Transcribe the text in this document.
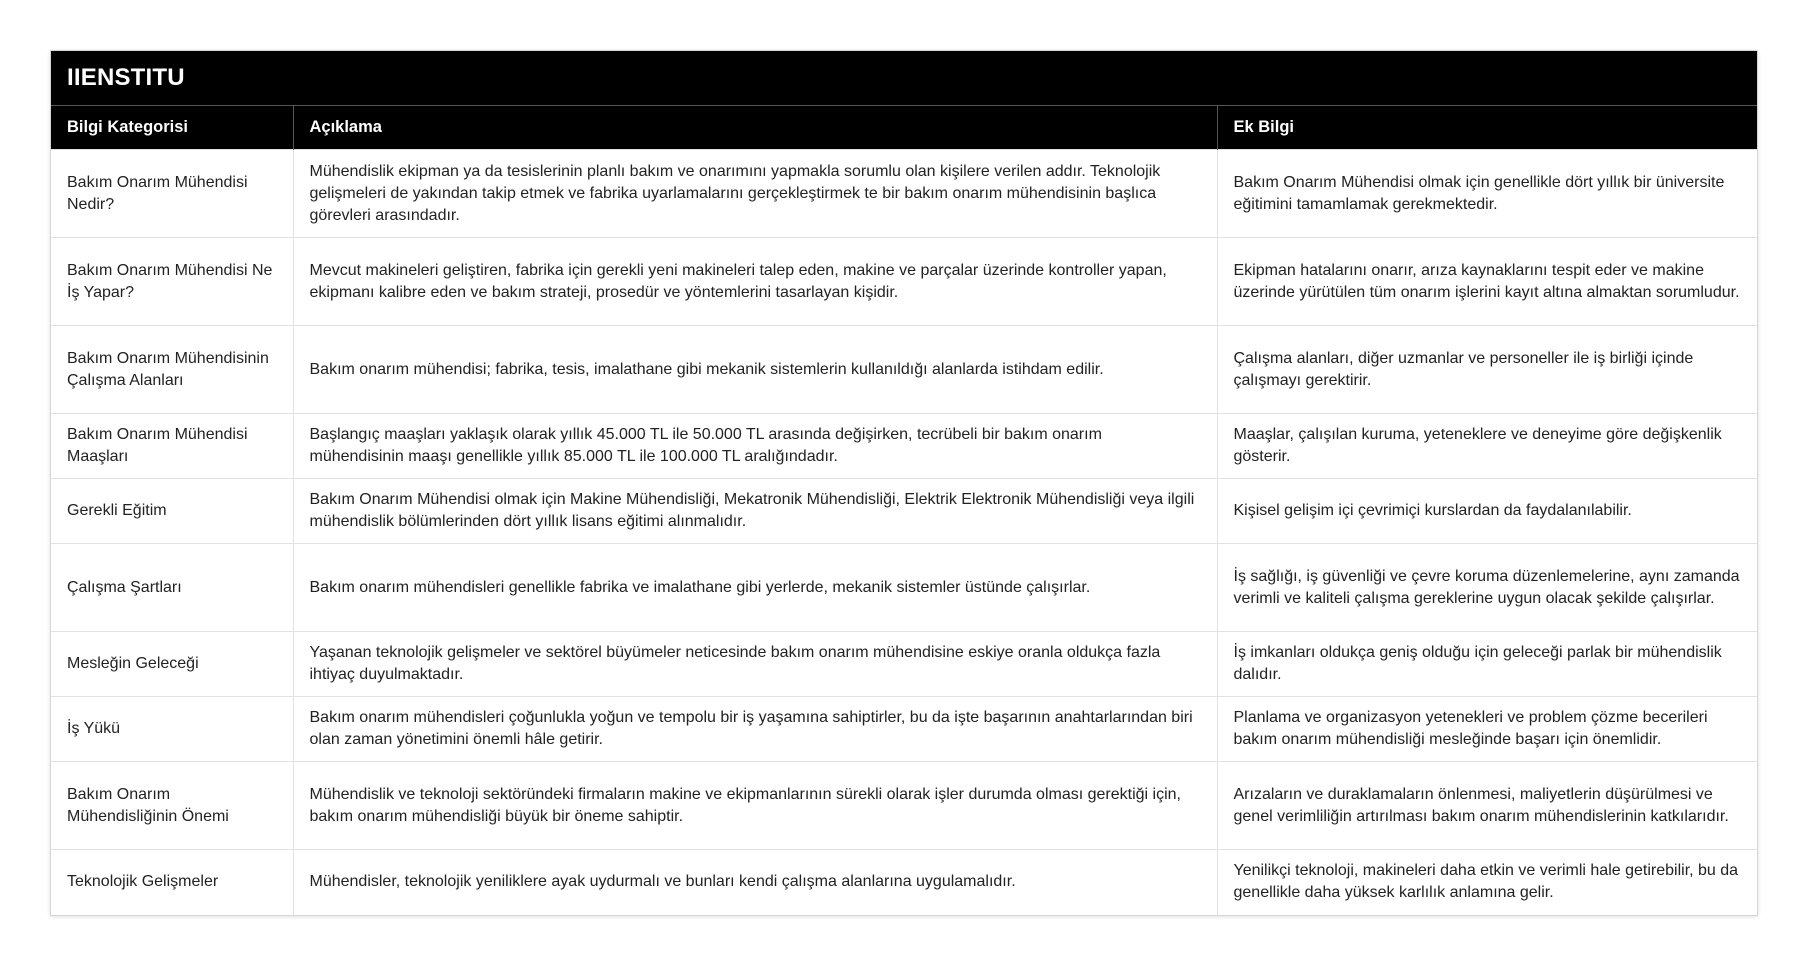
IIENSTITU
Bilgi Kategorisi	Açıklama	Ek Bilgi
Bakım Onarım Mühendisi Nedir?	Mühendislik ekipman ya da tesislerinin planlı bakım ve onarımını yapmakla sorumlu olan kişilere verilen addır. Teknolojik gelişmeleri de yakından takip etmek ve fabrika uyarlamalarını gerçekleştirmek te bir bakım onarım mühendisinin başlıca görevleri arasındadır.	Bakım Onarım Mühendisi olmak için genellikle dört yıllık bir üniversite eğitimini tamamlamak gerekmektedir.
Bakım Onarım Mühendisi Ne İş Yapar?	Mevcut makineleri geliştiren, fabrika için gerekli yeni makineleri talep eden, makine ve parçalar üzerinde kontroller yapan, ekipmanı kalibre eden ve bakım strateji, prosedür ve yöntemlerini tasarlayan kişidir.	Ekipman hatalarını onarır, arıza kaynaklarını tespit eder ve makine üzerinde yürütülen tüm onarım işlerini kayıt altına almaktan sorumludur.
Bakım Onarım Mühendisinin Çalışma Alanları	Bakım onarım mühendisi; fabrika, tesis, imalathane gibi mekanik sistemlerin kullanıldığı alanlarda istihdam edilir.	Çalışma alanları, diğer uzmanlar ve personeller ile iş birliği içinde çalışmayı gerektirir.
Bakım Onarım Mühendisi Maaşları	Başlangıç maaşları yaklaşık olarak yıllık 45.000 TL ile 50.000 TL arasında değişirken, tecrübeli bir bakım onarım mühendisinin maaşı genellikle yıllık 85.000 TL ile 100.000 TL aralığındadır.	Maaşlar, çalışılan kuruma, yeteneklere ve deneyime göre değişkenlik gösterir.
Gerekli Eğitim	Bakım Onarım Mühendisi olmak için Makine Mühendisliği, Mekatronik Mühendisliği, Elektrik Elektronik Mühendisliği veya ilgili mühendislik bölümlerinden dört yıllık lisans eğitimi alınmalıdır.	Kişisel gelişim içi çevrimiçi kurslardan da faydalanılabilir.
Çalışma Şartları	Bakım onarım mühendisleri genellikle fabrika ve imalathane gibi yerlerde, mekanik sistemler üstünde çalışırlar.	İş sağlığı, iş güvenliği ve çevre koruma düzenlemelerine, aynı zamanda verimli ve kaliteli çalışma gereklerine uygun olacak şekilde çalışırlar.
Mesleğin Geleceği	Yaşanan teknolojik gelişmeler ve sektörel büyümeler neticesinde bakım onarım mühendisine eskiye oranla oldukça fazla ihtiyaç duyulmaktadır.	İş imkanları oldukça geniş olduğu için geleceği parlak bir mühendislik dalıdır.
İş Yükü	Bakım onarım mühendisleri çoğunlukla yoğun ve tempolu bir iş yaşamına sahiptirler, bu da işte başarının anahtarlarından biri olan zaman yönetimini önemli hâle getirir.	Planlama ve organizasyon yetenekleri ve problem çözme becerileri bakım onarım mühendisliği mesleğinde başarı için önemlidir.
Bakım Onarım Mühendisliğinin Önemi	Mühendislik ve teknoloji sektöründeki firmaların makine ve ekipmanlarının sürekli olarak işler durumda olması gerektiği için, bakım onarım mühendisliği büyük bir öneme sahiptir.	Arızaların ve duraklamaların önlenmesi, maliyetlerin düşürülmesi ve genel verimliliğin artırılması bakım onarım mühendislerinin katkılarıdır.
Teknolojik Gelişmeler	Mühendisler, teknolojik yeniliklere ayak uydurmalı ve bunları kendi çalışma alanlarına uygulamalıdır.	Yenilikçi teknoloji, makineleri daha etkin ve verimli hale getirebilir, bu da genellikle daha yüksek karlılık anlamına gelir.
